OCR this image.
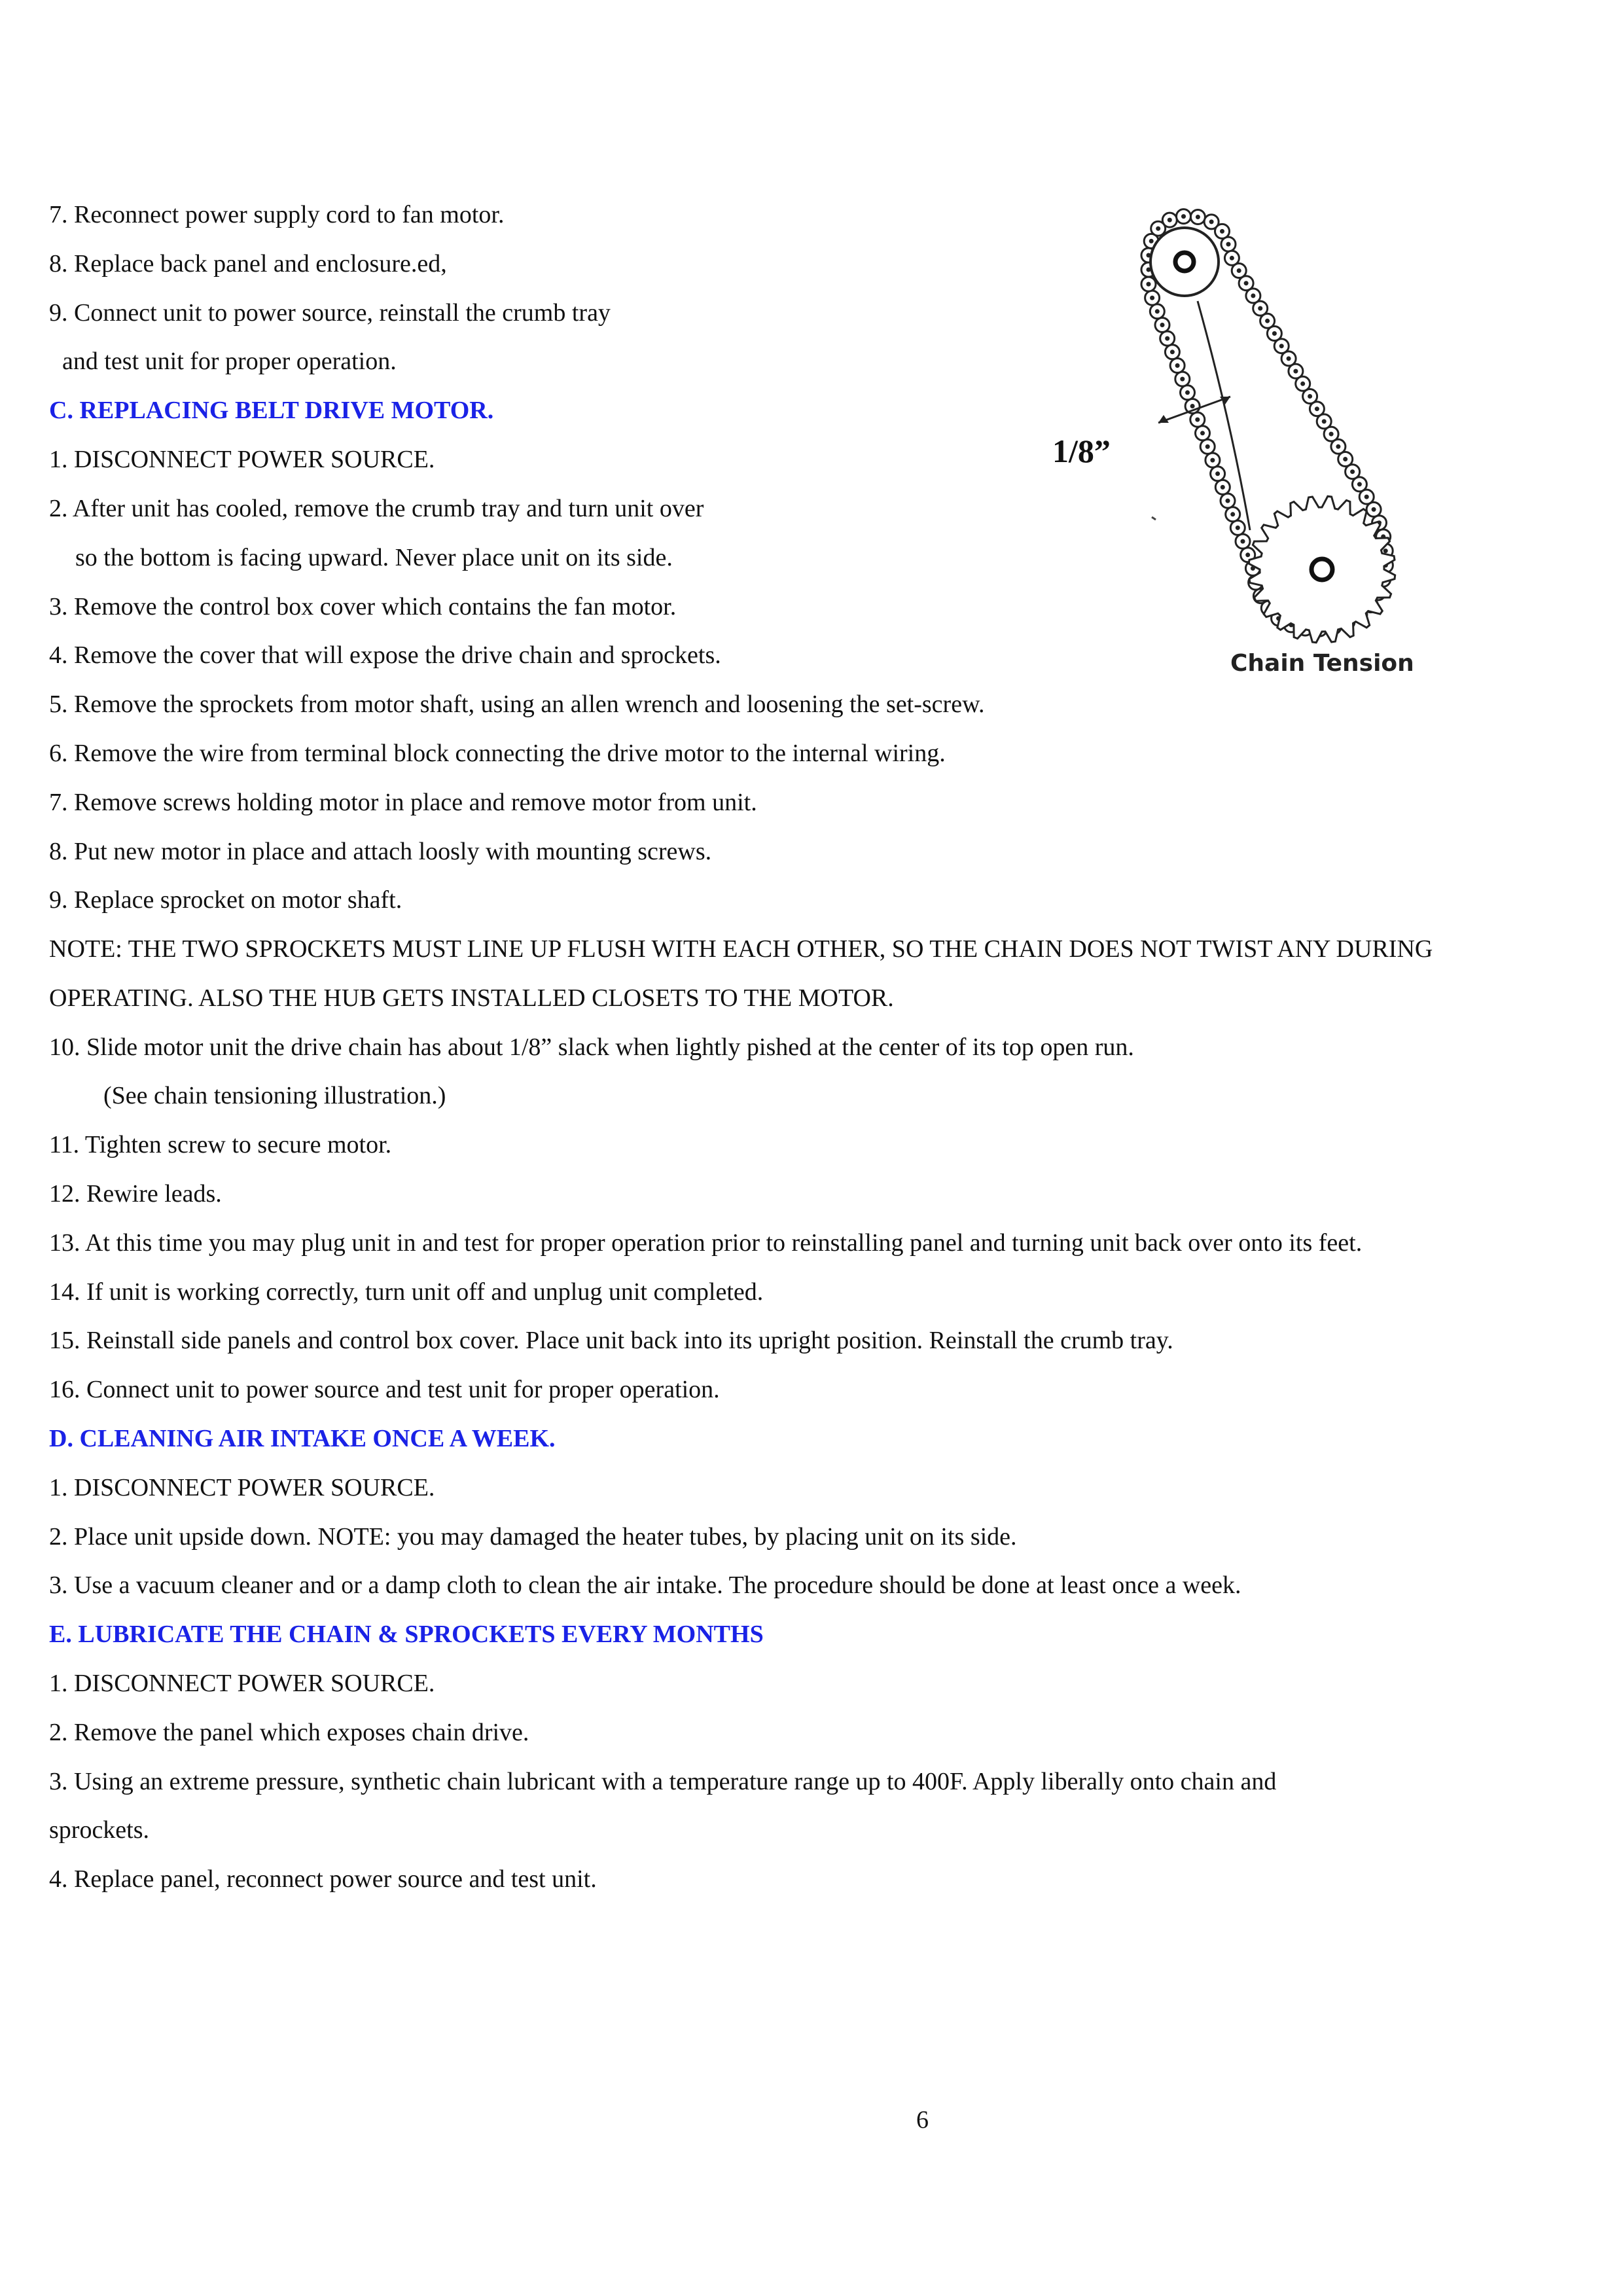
7. Reconnect power supply cord to fan motor.
8. Replace back panel and enclosure.ed,
9. Connect unit to power source, reinstall the crumb tray
and test unit for proper operation.
C. REPLACING BELT DRIVE MOTOR.
1. DISCONNECT POWER SOURCE.
2. After unit has cooled, remove the crumb tray and turn unit over
so the bottom is facing upward. Never place unit on its side.
3. Remove the control box cover which contains the fan motor.
4. Remove the cover that will expose the drive chain and sprockets.
5. Remove the sprockets from motor shaft, using an allen wrench and loosening the set-screw.
6. Remove the wire from terminal block connecting the drive motor to the internal wiring.
7. Remove screws holding motor in place and remove motor from unit.
8. Put new motor in place and attach loosly with mounting screws.
9. Replace sprocket on motor shaft.
NOTE: THE TWO SPROCKETS MUST LINE UP FLUSH WITH EACH OTHER, SO THE CHAIN DOES NOT TWIST ANY DURING
OPERATING. ALSO THE HUB GETS INSTALLED CLOSETS TO THE MOTOR.
10. Slide motor unit the drive chain has about 1/8” slack when lightly pished at the center of its top open run.
(See chain tensioning illustration.)
11. Tighten screw to secure motor.
12. Rewire leads.
13. At this time you may plug unit in and test for proper operation prior to reinstalling panel and turning unit back over onto its feet.
14. If unit is working correctly, turn unit off and unplug unit completed.
15. Reinstall side panels and control box cover. Place unit back into its upright position. Reinstall the crumb tray.
16. Connect unit to power source and test unit for proper operation.
D. CLEANING AIR INTAKE ONCE A WEEK.
1. DISCONNECT POWER SOURCE.
2. Place unit upside down. NOTE: you may damaged the heater tubes, by placing unit on its side.
3. Use a vacuum cleaner and or a damp cloth to clean the air intake. The procedure should be done at least once a week.
E. LUBRICATE THE CHAIN & SPROCKETS EVERY MONTHS
1. DISCONNECT POWER SOURCE.
2. Remove the panel which exposes chain drive.
3. Using an extreme pressure, synthetic chain lubricant with a temperature range up to 400F. Apply liberally onto chain and
sprockets.
4. Replace panel, reconnect power source and test unit.
1/8”
Chain Tension
6
